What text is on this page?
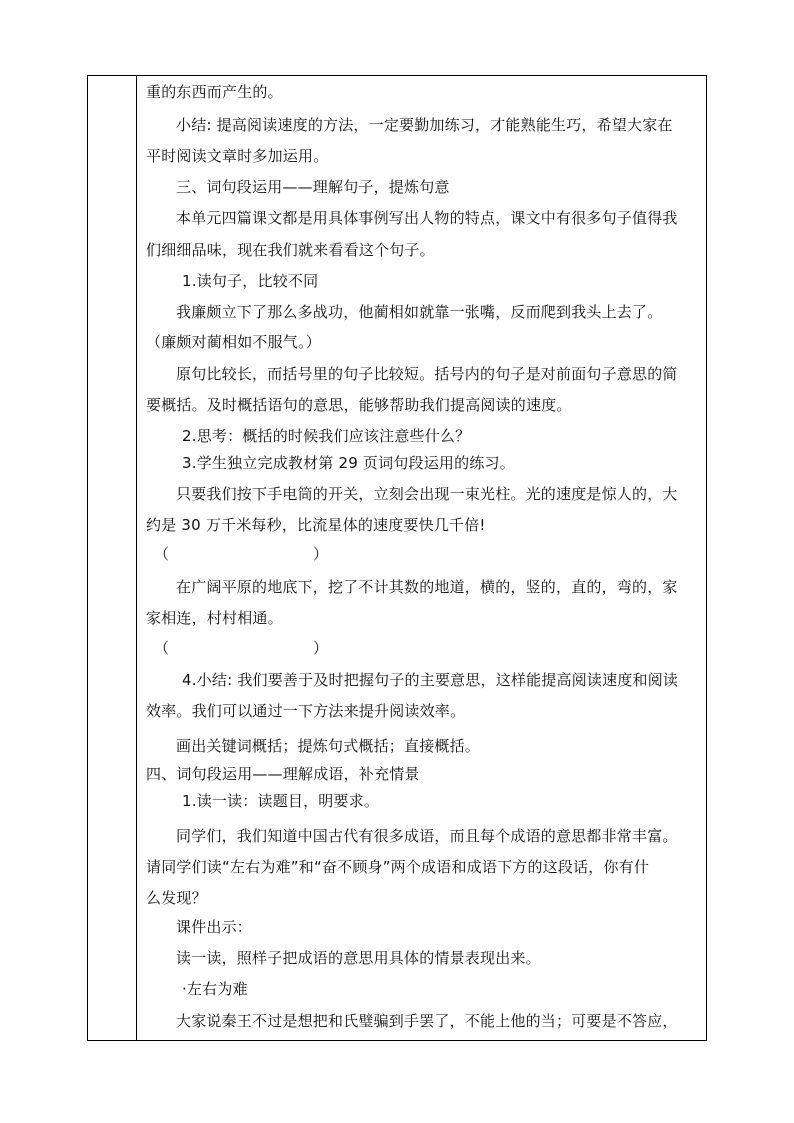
重的东西而产生的。
小结: 提高阅读速度的方法，一定要勤加练习，才能熟能生巧，希望大家在
平时阅读文章时多加运用。
三、词句段运用——理解句子，提炼句意
本单元四篇课文都是用具体事例写出人物的特点，课文中有很多句子值得我
们细细品味，现在我们就来看看这个句子。
1.读句子，比较不同
我廉颇立下了那么多战功，他蔺相如就靠一张嘴，反而爬到我头上去了。
（廉颇对蔺相如不服气。）
原句比较长，而括号里的句子比较短。括号内的句子是对前面句子意思的简
要概括。及时概括语句的意思，能够帮助我们提高阅读的速度。
2.思考：概括的时候我们应该注意些什么？
3.学生独立完成教材第 29 页词句段运用的练习。
只要我们按下手电筒的开关，立刻会出现一束光柱。光的速度是惊人的，大
约是 30 万千米每秒，比流星体的速度要快几千倍!
（	）
在广阔平原的地底下，挖了不计其数的地道，横的，竖的，直的，弯的，家
家相连，村村相通。
（	）
4.小结: 我们要善于及时把握句子的主要意思，这样能提高阅读速度和阅读
效率。我们可以通过一下方法来提升阅读效率。
画出关键词概括；提炼句式概括；直接概括。
四、词句段运用——理解成语，补充情景
1.读一读：读题目，明要求。
同学们，我们知道中国古代有很多成语，而且每个成语的意思都非常丰富。
请同学们读“左右为难”和“奋不顾身”两个成语和成语下方的这段话，你有什
么发现？
课件出示：
读一读，照样子把成语的意思用具体的情景表现出来。
·左右为难
大家说秦王不过是想把和氏璧骗到手罢了，不能上他的当；可要是不答应，
